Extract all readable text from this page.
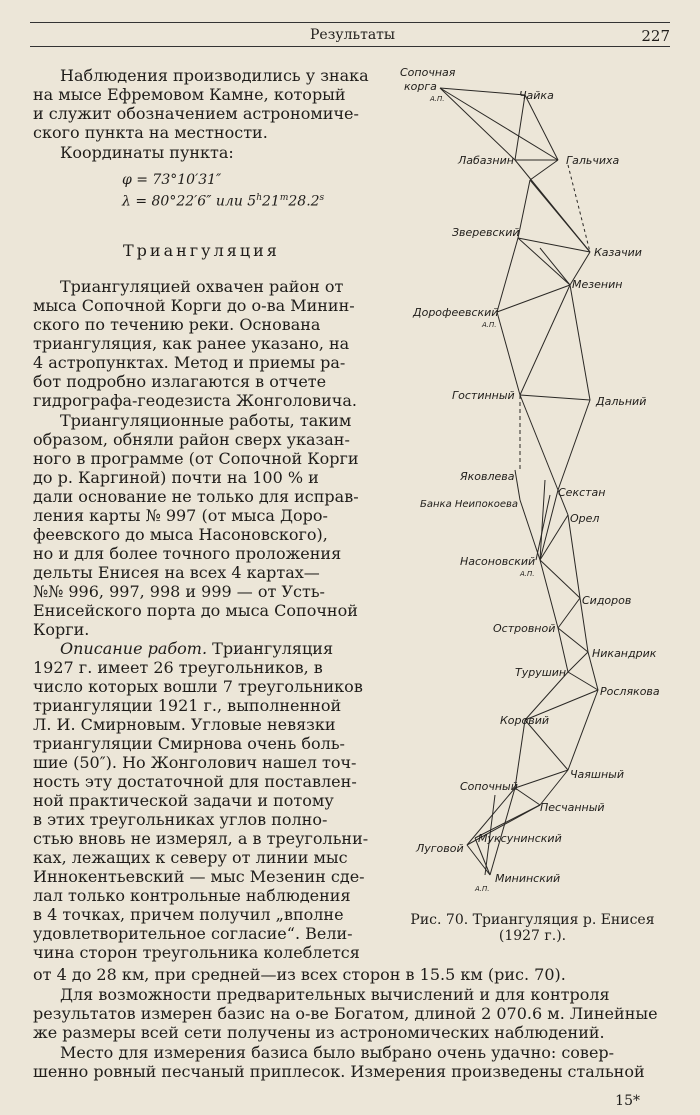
Результаты	227
Наблюдения производились у знака
на мысе Ефремовом Камне, который
и служит обозначением астрономиче-
ского пункта на местности.
Координаты пункта:
φ = 73°10′31″
λ = 80°22′6″ или 5$^h$21$^m$28.2$^s$
Триангуляция
Триангуляцией охвачен район от
мыса Сопочной Корги до о-ва Минин-
ского по течению реки. Основана
триангуляция, как ранее указано, на
4 астропунктах. Метод и приемы ра-
бот подробно излагаются в отчете
гидрографа-геодезиста Жонголовича.
Триангуляционные работы, таким
образом, обняли район сверх указан-
ного в программе (от Сопочной Корги
до р. Каргиной) почти на 100 % и
дали основание не только для исправ-
ления карты № 997 (от мыса Доро-
феевского до мыса Насоновского),
но и для более точного проложения
дельты Енисея на всех 4 картах—
№№ 996, 997, 998 и 999 — от Усть-
Енисейского порта до мыса Сопочной
Корги.
Описание работ. Триангуляция
1927 г. имеет 26 треугольников, в
число которых вошли 7 треугольников
триангуляции 1921 г., выполненной
Л. И. Смирновым. Угловые невязки
триангуляции Смирнова очень боль-
шие (50″). Но Жонголович нашел точ-
ность эту достаточной для поставлен-
ной практической задачи и потому
в этих треугольниках углов полно-
стью вновь не измерял, а в треугольни-
ках, лежащих к северу от линии мыс
Иннокентьевский — мыс Мезенин сде-
лал только контрольные наблюдения
в 4 точках, причем получил „вполне
удовлетворительное согласие“. Вели-
чина сторон треугольника колеблется
от 4 до 28 км, при средней—из всех сторон в 15.5 км (рис. 70).
Для возможности предварительных вычислений и для контроля
результатов измерен базис на о-ве Богатом, длиной 2 070.6 м. Линейные
же размеры всей сети получены из астрономических наблюдений.
Место для измерения базиса было выбрано очень удачно: совер-
шенно ровный песчаный приплесок. Измерения произведены стальной
Сопочная
корга
А.П.	Чайка
Лабазнин	Гальчиха
Зверевский
Казачии
Мезенин
Дорофеевский
А.П.
Гостинный	Дальний
Яковлева
Секстан
Банка Неипокоева
Орел
Насоновский
А.П.
Сидоров
Островной
Никандрик
Турушин
Рослякова
Коровий
Чаяшный
Сопочный
Песчанный
Муксунинский
Луговой
Мининский
А.П.
Рис. 70. Триангуляция р. Енисея
(1927 г.).
15*
